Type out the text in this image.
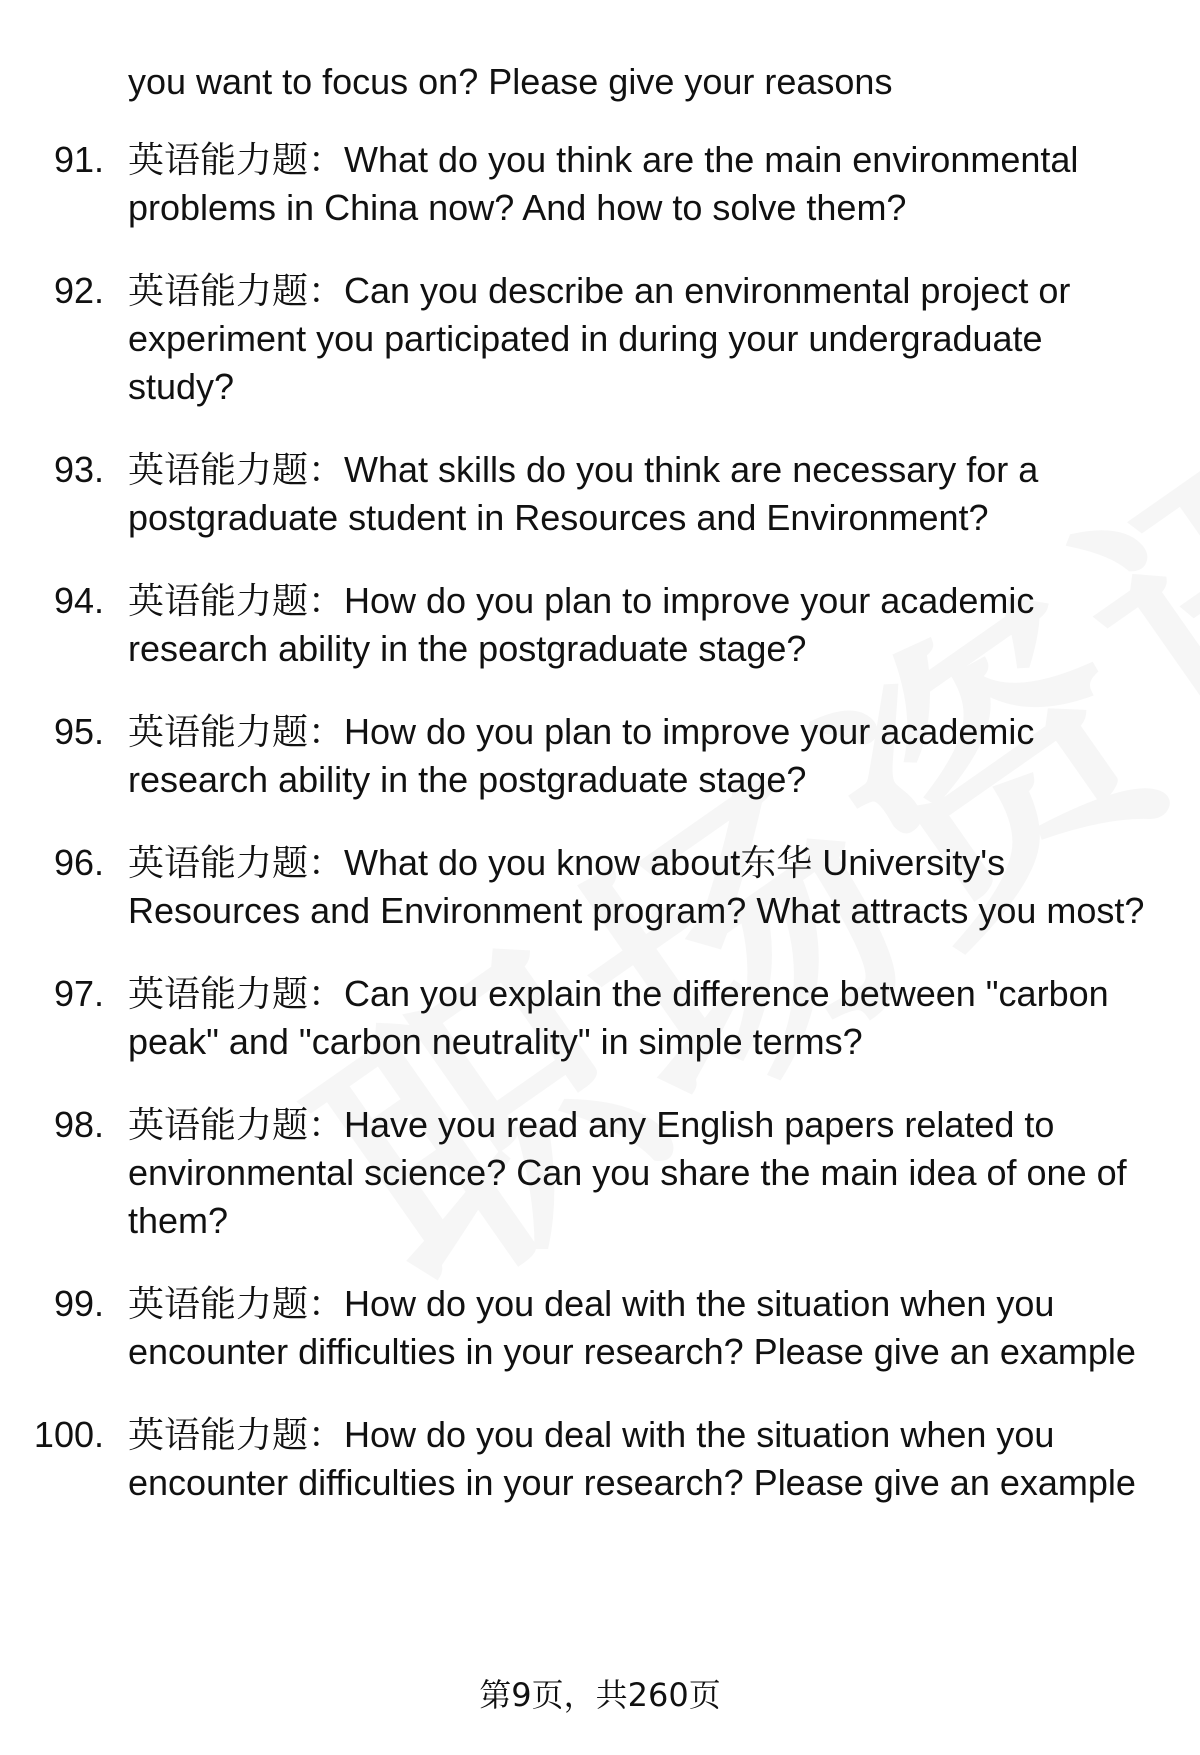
you want to focus on? Please give your reasons
91. 英语能力题：What do you think are the main environmental problems in China now? And how to solve them?
92. 英语能力题：Can you describe an environmental project or experiment you participated in during your undergraduate study?
93. 英语能力题：What skills do you think are necessary for a postgraduate student in Resources and Environment?
94. 英语能力题：How do you plan to improve your academic research ability in the postgraduate stage?
95. 英语能力题：How do you plan to improve your academic research ability in the postgraduate stage?
96. 英语能力题：What do you know about东华 University's Resources and Environment program? What attracts you most?
97. 英语能力题：Can you explain the difference between "carbon peak" and "carbon neutrality" in simple terms?
98. 英语能力题：Have you read any English papers related to environmental science? Can you share the main idea of one of them?
99. 英语能力题：How do you deal with the situation when you encounter difficulties in your research? Please give an example
100. 英语能力题：How do you deal with the situation when you encounter difficulties in your research? Please give an example
第9页，共260页
